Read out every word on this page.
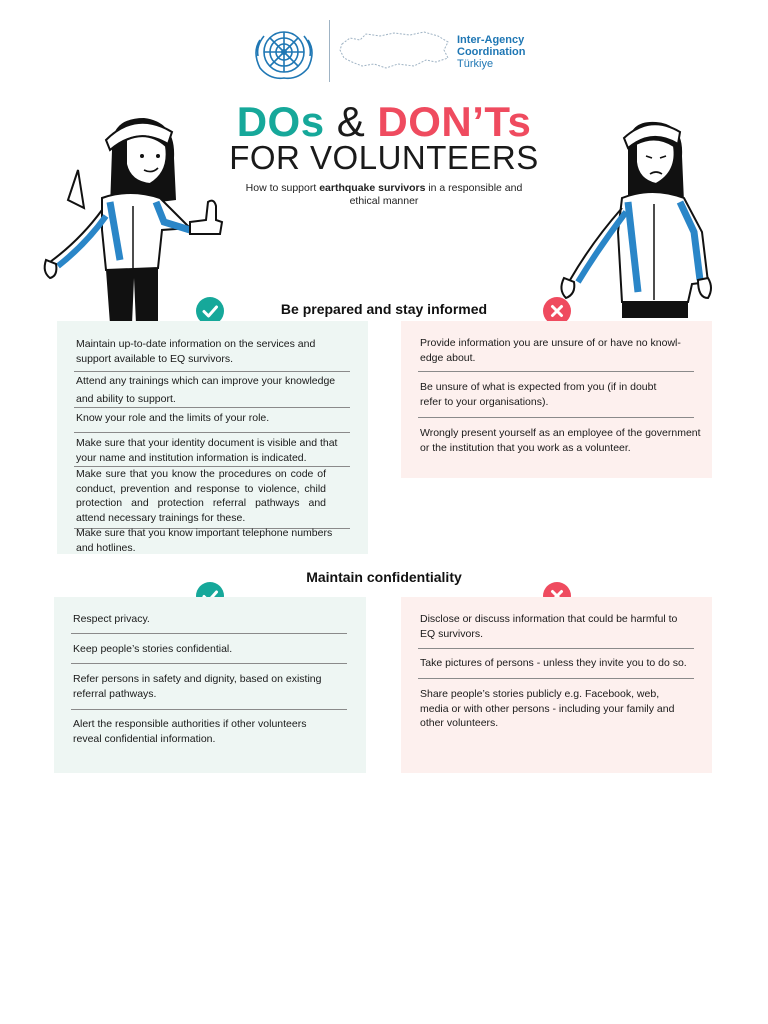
Inter-Agency
Coordination
Türkiye
DOs & DON’Ts
FOR VOLUNTEERS
How to support earthquake survivors in a responsible and ethical manner
Be prepared and stay informed
Maintain up-to-date information on the services and support available to EQ survivors.
Attend any trainings which can improve your knowledge and ability to support.
Know your role and the limits of your role.
Make sure that your identity document is visible and that your name and institution information is indicated.
Make sure that you know the procedures on code of conduct, prevention and response to violence, child protection and protection referral pathways and attend necessary trainings for these.
Make sure that you know important telephone numbers and hotlines.
Provide information you are unsure of or have no knowl-edge about.
Be unsure of what is expected from you (if in doubt refer to your organisations).
Wrongly present yourself as an employee of the government or the institution that you work as a volunteer.
Maintain confidentiality
Respect privacy.
Keep people’s stories confidential.
Refer persons in safety and dignity, based on existing referral pathways.
Alert the responsible authorities if other volunteers reveal confidential information.
Disclose or discuss information that could be harmful to EQ survivors.
Take pictures of persons - unless they invite you to do so.
Share people’s stories publicly e.g. Facebook, web, media or with other persons - including your family and other volunteers.
